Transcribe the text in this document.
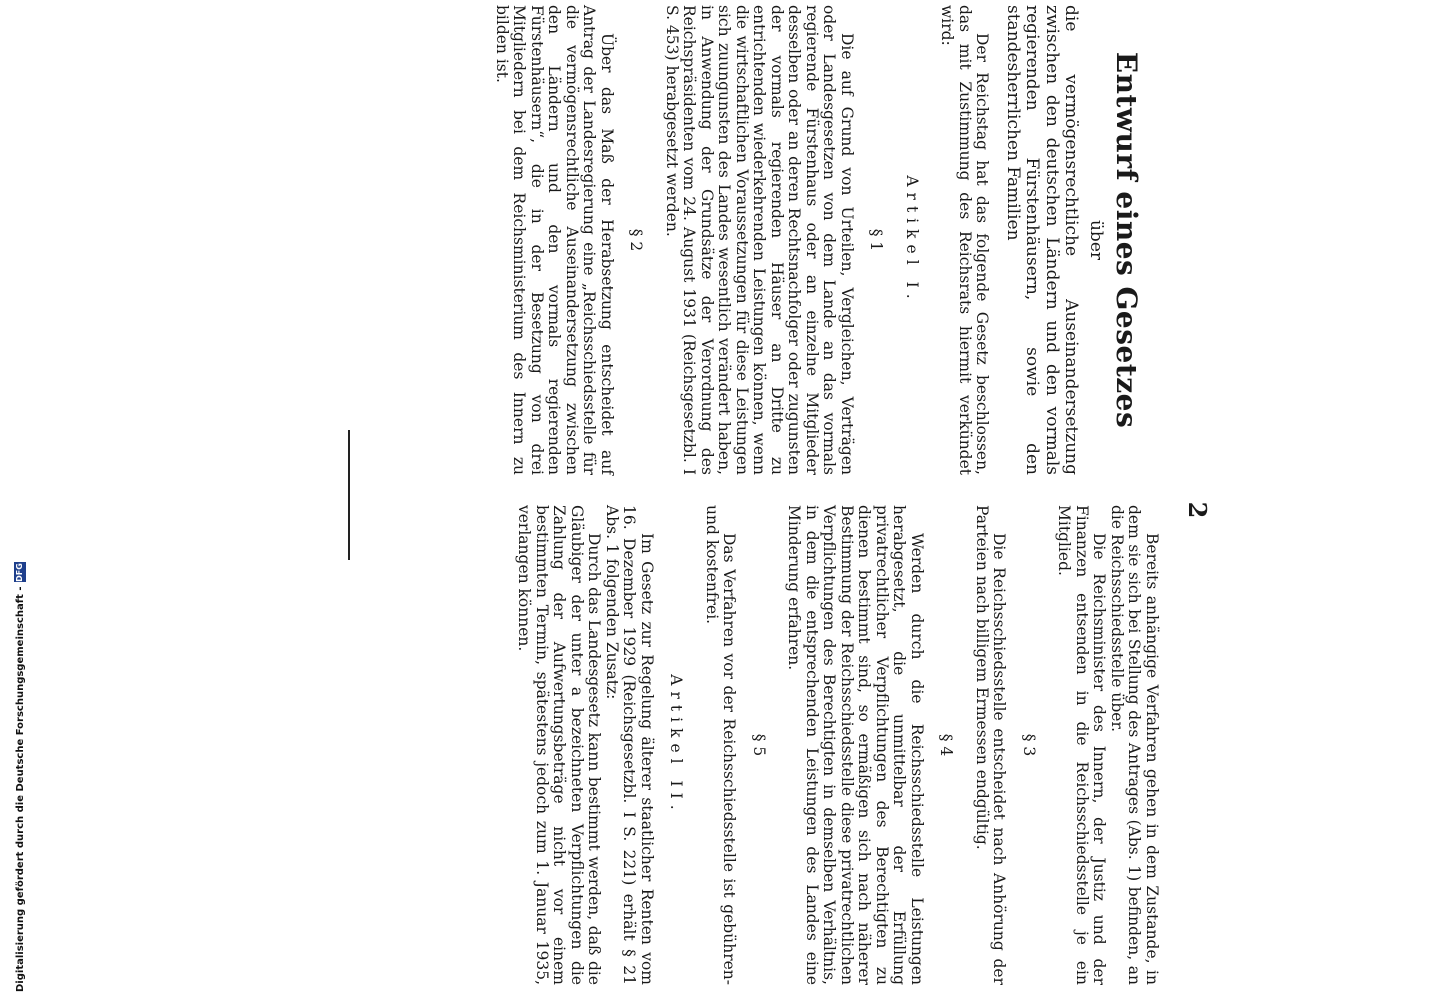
2
Entwurf eines Gesetzes
über

die vermögensrechtliche Auseinandersetzung zwischen den deutschen Ländern und den vormals regierenden Fürstenhäusern, sowie den standesherrlichen Familien

Der Reichstag hat das folgende Gesetz beschlossen, das mit Zustimmung des Reichsrats hiermit verkündet wird:

Artikel I.
§ 1

Die auf Grund von Urteilen, Vergleichen, Verträgen oder Landesgesetzen von dem Lande an das vormals regierende Fürstenhaus oder an einzelne Mitglieder desselben oder an deren Rechtsnachfolger oder zugunsten der vormals regierenden Häuser an Dritte zu entrichtenden wiederkehrenden Leistungen können, wenn die wirtschaftlichen Voraussetzungen für diese Leistungen sich zuungunsten des Landes wesentlich verändert haben, in Anwendung der Grundsätze der Verordnung des Reichspräsidenten vom 24. August 1931 (Reichsgesetzbl. I S. 453) herabgesetzt werden.

§ 2

Über das Maß der Herabsetzung entscheidet auf Antrag der Landesregierung eine „Reichsschiedsstelle für die vermögensrechtliche Auseinandersetzung zwischen den Ländern und den vormals regierenden Fürstenhäusern“, die in der Besetzung von drei Mitgliedern bei dem Reichsministerium des Innern zu bilden ist.

Bereits anhängige Verfahren gehen in dem Zustande, in dem sie sich bei Stellung des Antrages (Abs. 1) befinden, an die Reichsschiedsstelle über.

Die Reichsminister des Innern, der Justiz und der Finanzen entsenden in die Reichsschiedsstelle je ein Mitglied.

§ 3

Die Reichsschiedsstelle entscheidet nach Anhörung der Parteien nach billigem Ermessen endgültig.

§ 4

Werden durch die Reichsschiedsstelle Leistungen herabgesetzt, die unmittelbar der Erfüllung privatrechtlicher Verpflichtungen des Berechtigten zu dienen bestimmt sind, so ermäßigen sich nach näherer Bestimmung der Reichsschiedsstelle diese privatrechtlichen Verpflichtungen des Berechtigten in demselben Verhältnis, in dem die entsprechenden Leistungen des Landes eine Minderung erfahren.

§ 5

Das Verfahren vor der Reichsschiedsstelle ist gebühren- und kostenfrei.

Artikel II.

Im Gesetz zur Regelung älterer staatlicher Renten vom 16. Dezember 1929 (Reichsgesetzbl. I S. 221) erhält § 21 Abs. 1 folgenden Zusatz:

Durch das Landesgesetz kann bestimmt werden, daß die Gläubiger der unter a bezeichneten Verpflichtungen die Zahlung der Aufwertungsbeträge nicht vor einem bestimmten Termin, spätestens jedoch zum 1. Januar 1935, verlangen können.

Digitalisierung gefördert durch die Deutsche Forschungsgemeinschaft -
DFG
